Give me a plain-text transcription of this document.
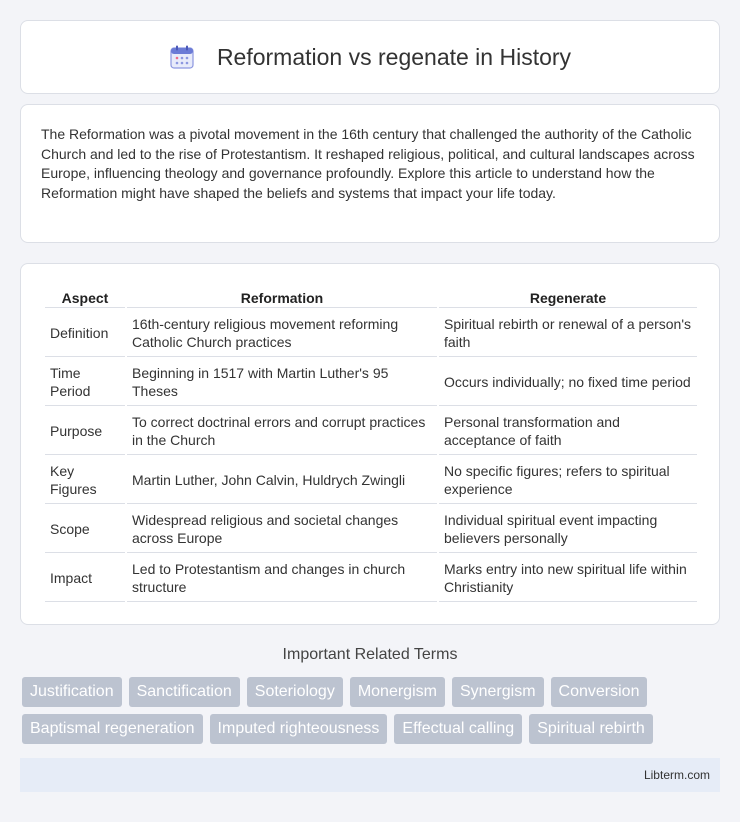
Reformation vs regenate in History

The Reformation was a pivotal movement in the 16th century that challenged the authority of the Catholic Church and led to the rise of Protestantism. It reshaped religious, political, and cultural landscapes across Europe, influencing theology and governance profoundly. Explore this article to understand how the Reformation might have shaped the beliefs and systems that impact your life today.

Aspect	Reformation	Regenerate
Definition	16th-century religious movement reforming Catholic Church practices	Spiritual rebirth or renewal of a person's faith
Time Period	Beginning in 1517 with Martin Luther's 95 Theses	Occurs individually; no fixed time period
Purpose	To correct doctrinal errors and corrupt practices in the Church	Personal transformation and acceptance of faith
Key Figures	Martin Luther, John Calvin, Huldrych Zwingli	No specific figures; refers to spiritual experience
Scope	Widespread religious and societal changes across Europe	Individual spiritual event impacting believers personally
Impact	Led to Protestantism and changes in church structure	Marks entry into new spiritual life within Christianity
Important Related Terms
Justification	Sanctification	Soteriology	Monergism	Synergism	Conversion
Baptismal regeneration	Imputed righteousness	Effectual calling	Spiritual rebirth
Libterm.com
